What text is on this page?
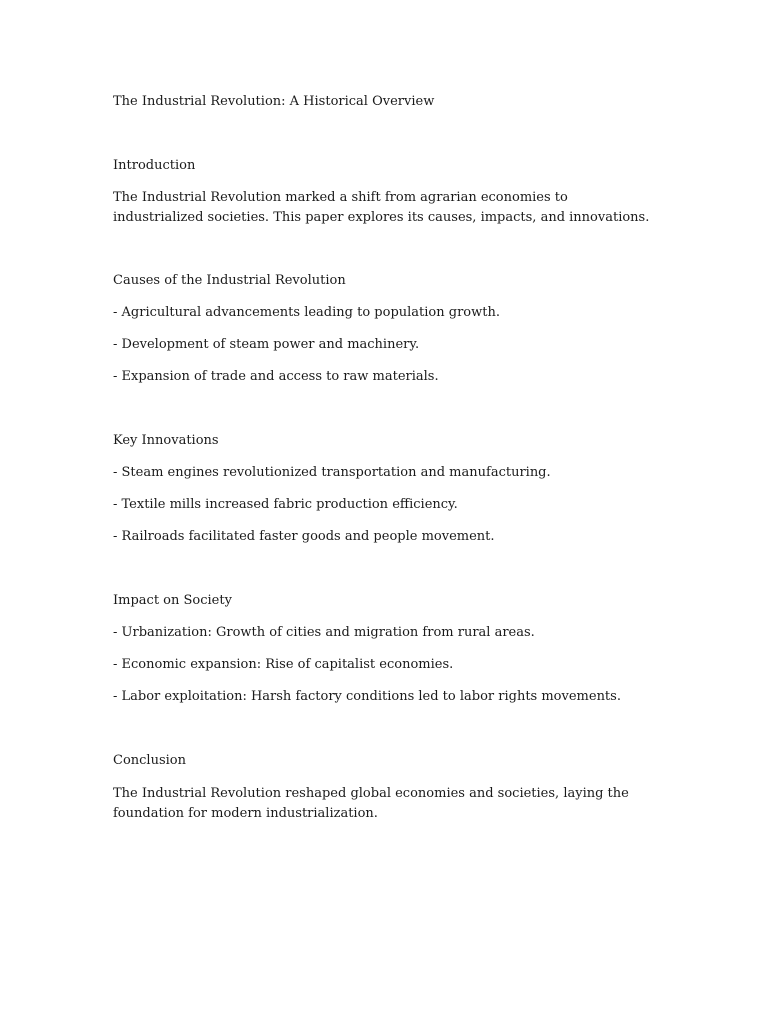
The Industrial Revolution: A Historical Overview

Introduction

The Industrial Revolution marked a shift from agrarian economies to industrialized societies. This paper explores its causes, impacts, and innovations.

Causes of the Industrial Revolution

- Agricultural advancements leading to population growth.

- Development of steam power and machinery.

- Expansion of trade and access to raw materials.

Key Innovations

- Steam engines revolutionized transportation and manufacturing.

- Textile mills increased fabric production efficiency.

- Railroads facilitated faster goods and people movement.

Impact on Society

- Urbanization: Growth of cities and migration from rural areas.

- Economic expansion: Rise of capitalist economies.

- Labor exploitation: Harsh factory conditions led to labor rights movements.

Conclusion

The Industrial Revolution reshaped global economies and societies, laying the foundation for modern industrialization.
